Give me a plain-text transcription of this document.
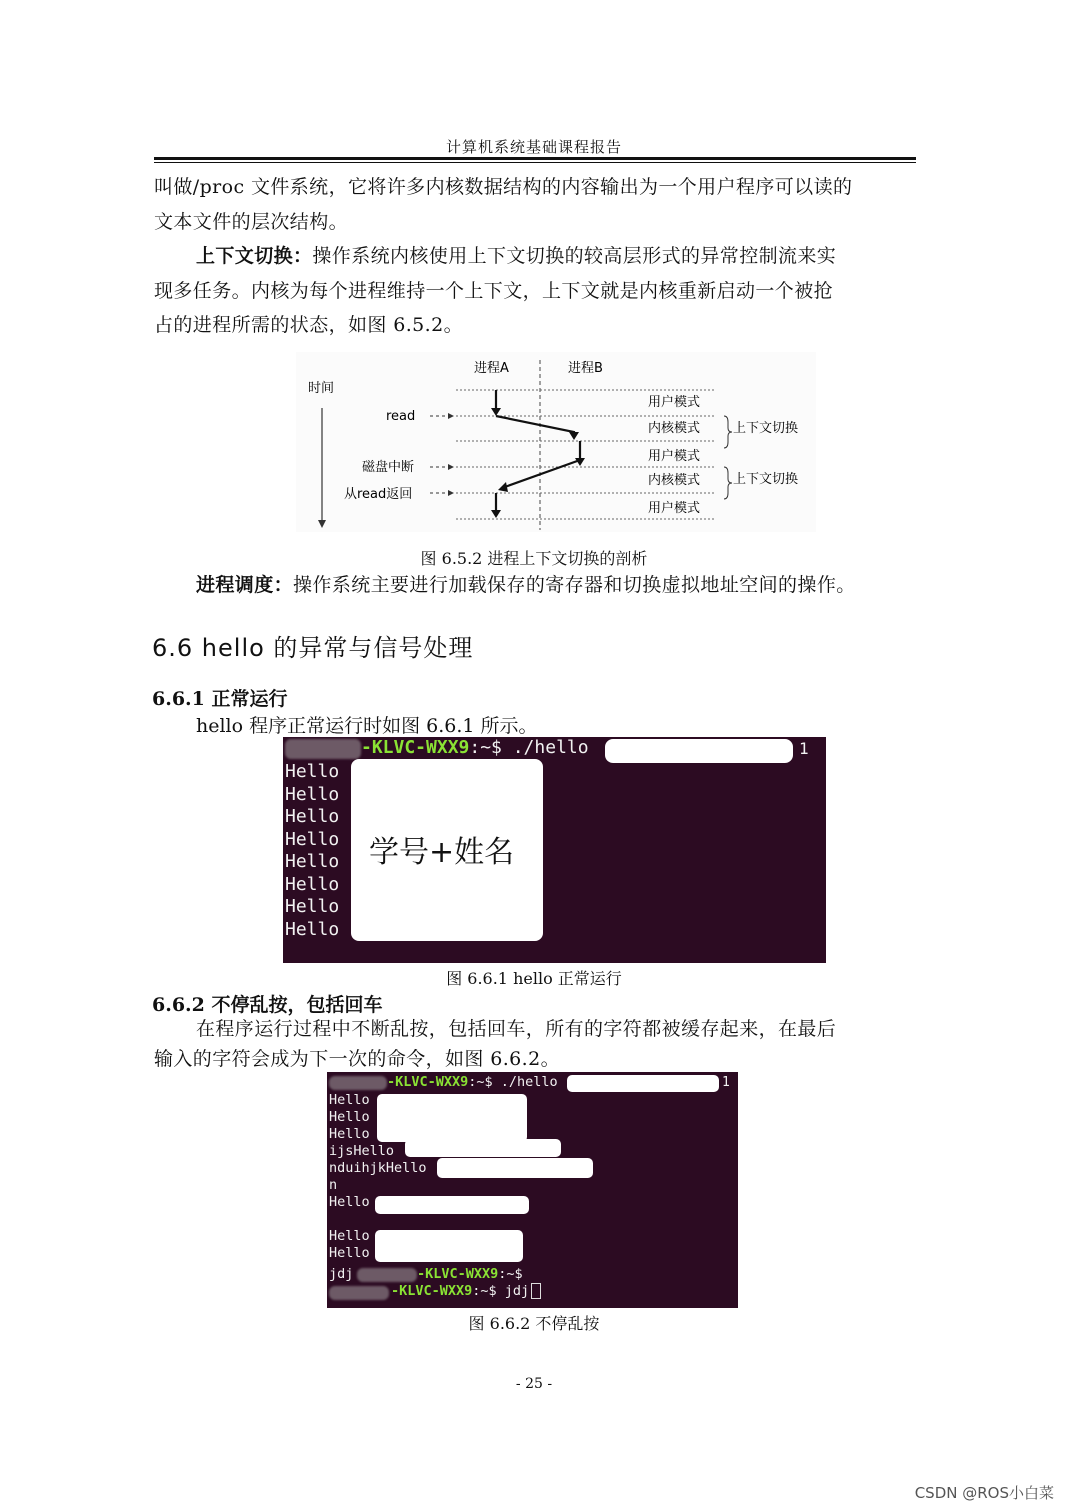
计算机系统基础课程报告
叫做/proc 文件系统，它将许多内核数据结构的内容输出为一个用户程序可以读的
文本文件的层次结构。
上下文切换：操作系统内核使用上下文切换的较高层形式的异常控制流来实
现多任务。内核为每个进程维持一个上下文，上下文就是内核重新启动一个被抢
占的进程所需的状态，如图 6.5.2。
进程A	进程B
时间
用户模式
内核模式
用户模式
内核模式
用户模式
上下文切换
上下文切换
read
磁盘中断
从read返回
图 6.5.2 进程上下文切换的剖析
进程调度：操作系统主要进行加载保存的寄存器和切换虚拟地址空间的操作。
6.6 hello 的异常与信号处理
6.6.1 正常运行
hello 程序正常运行时如图 6.6.1 所示。
-KLVC-WXX9:~$ ./hello	1
Hello
Hello
Hello
Hello
Hello
Hello
Hello
Hello
学号+姓名
图 6.6.1 hello 正常运行
6.6.2 不停乱按，包括回车
在程序运行过程中不断乱按，包括回车，所有的字符都被缓存起来，在最后
输入的字符会成为下一次的命令，如图 6.6.2。
-KLVC-WXX9:~$ ./hello	1
Hello
Hello
Hello
ijsHello
nduihjkHello
n
Hello
Hello
Hello
jdj	-KLVC-WXX9:~$
-KLVC-WXX9:~$ jdj
图 6.6.2 不停乱按
- 25 -
CSDN @ROS小白菜
